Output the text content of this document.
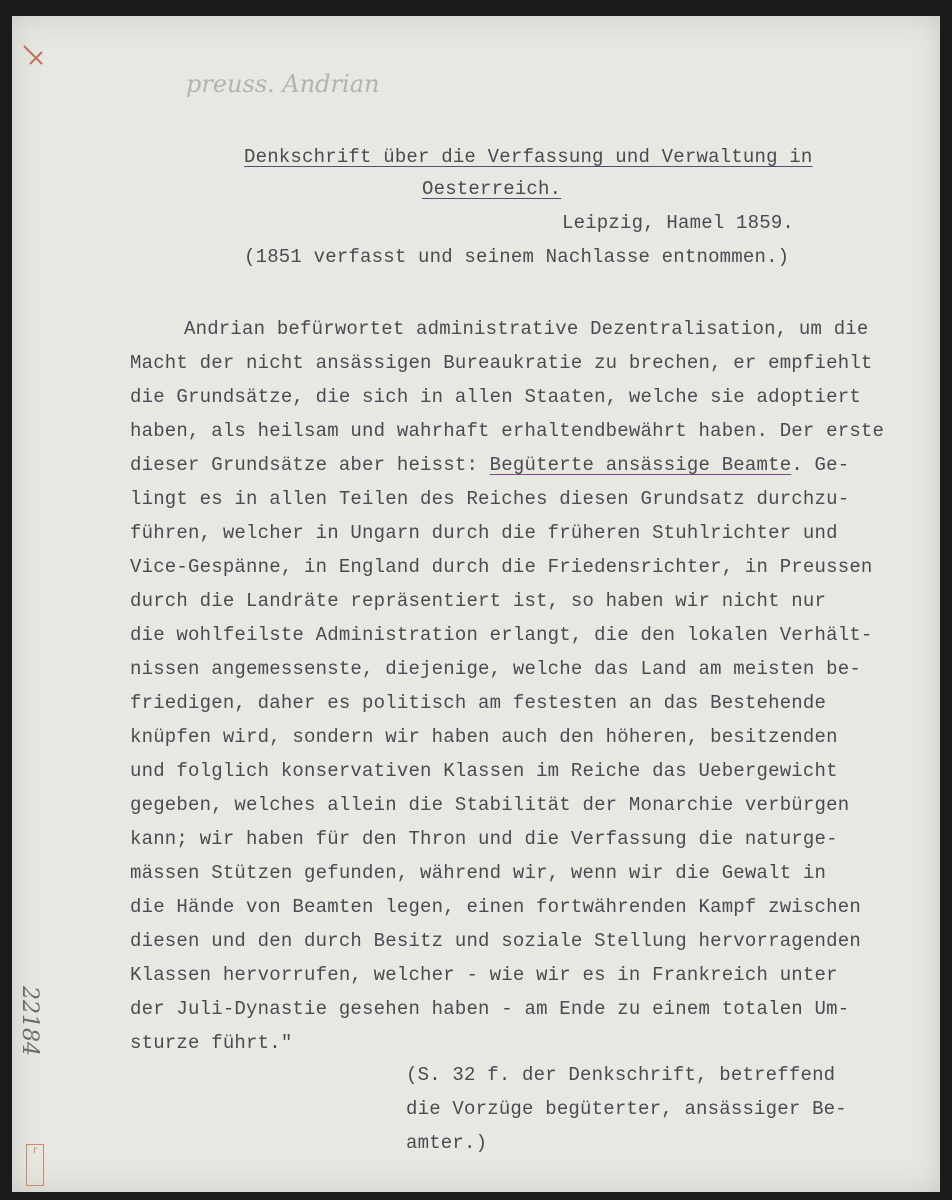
preuss. Andrian
Denkschrift über die Verfassung und Verwaltung in
Oesterreich.
Leipzig, Hamel 1859.
(1851 verfasst und seinem Nachlasse entnommen.)
Andrian befürwortet administrative Dezentralisation, um die
Macht der nicht ansässigen Bureaukratie zu brechen, er empfiehlt
die Grundsätze, die sich in allen Staaten, welche sie adoptiert
haben, als heilsam und wahrhaft erhaltendbewährt haben. Der erste
dieser Grundsätze aber heisst: Begüterte ansässige Beamte. Ge-
lingt es in allen Teilen des Reiches diesen Grundsatz durchzu-
führen, welcher in Ungarn durch die früheren Stuhlrichter und
Vice-Gespänne, in England durch die Friedensrichter, in Preussen
durch die Landräte repräsentiert ist, so haben wir nicht nur
die wohlfeilste Administration erlangt, die den lokalen Verhält-
nissen angemessenste, diejenige, welche das Land am meisten be-
friedigen, daher es politisch am festesten an das Bestehende
knüpfen wird, sondern wir haben auch den höheren, besitzenden
und folglich konservativen Klassen im Reiche das Uebergewicht
gegeben, welches allein die Stabilität der Monarchie verbürgen
kann; wir haben für den Thron und die Verfassung die naturge-
mässen Stützen gefunden, während wir, wenn wir die Gewalt in
die Hände von Beamten legen, einen fortwährenden Kampf zwischen
diesen und den durch Besitz und soziale Stellung hervorragenden
Klassen hervorrufen, welcher - wie wir es in Frankreich unter
der Juli-Dynastie gesehen haben - am Ende zu einem totalen Um-
sturze führt."
(S. 32 f. der Denkschrift, betreffend
die Vorzüge begüterter, ansässiger Be-
amter.)
22184
r
